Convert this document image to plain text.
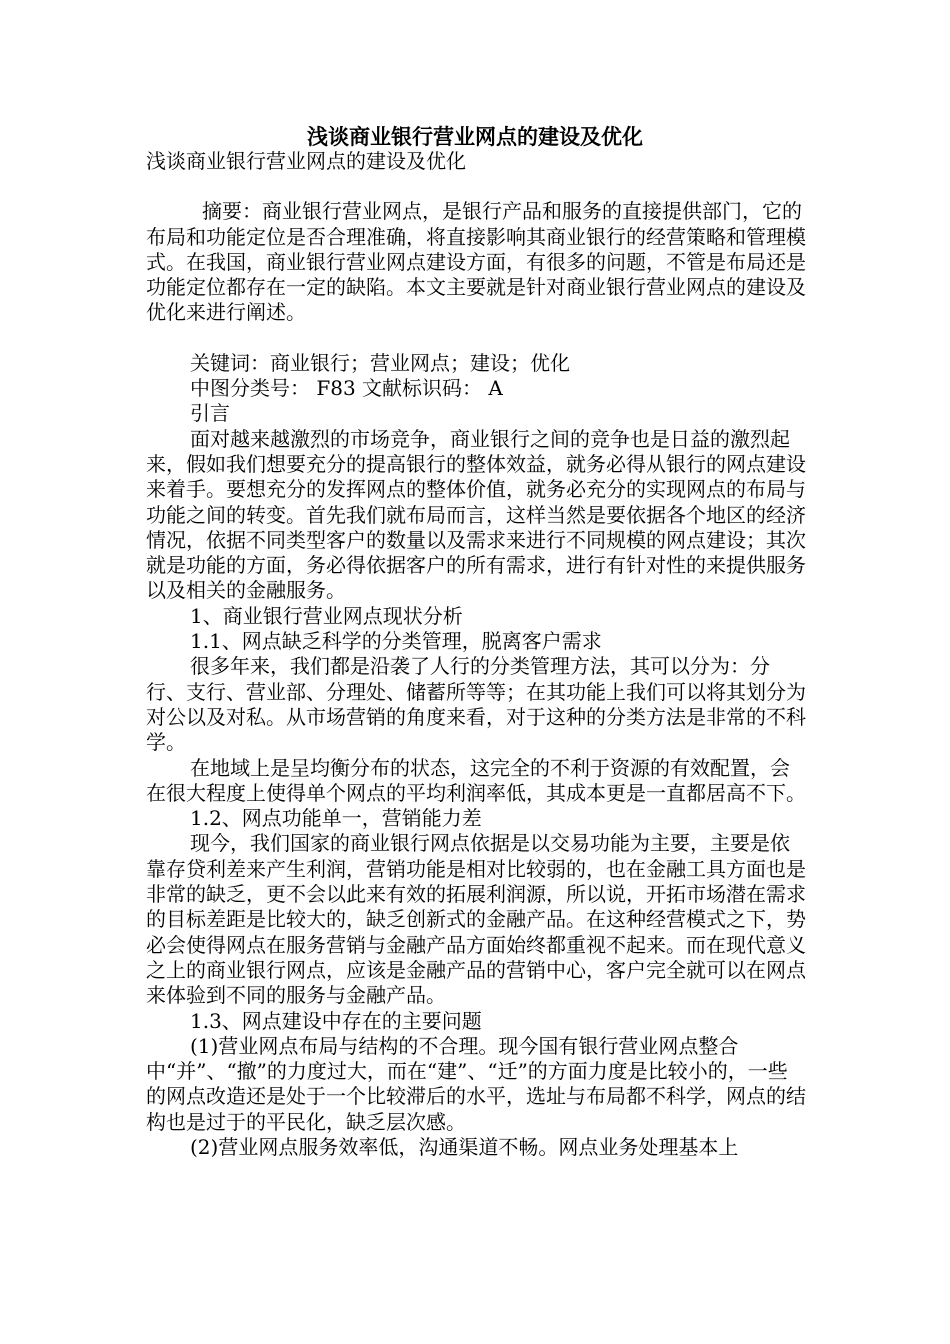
浅谈商业银行营业网点的建设及优化

浅谈商业银行营业网点的建设及优化

摘要：商业银行营业网点，是银行产品和服务的直接提供部门，它的布局和功能定位是否合理准确，将直接影响其商业银行的经营策略和管理模式。在我国，商业银行营业网点建设方面，有很多的问题，不管是布局还是功能定位都存在一定的缺陷。本文主要就是针对商业银行营业网点的建设及优化来进行阐述。

关键词：商业银行；营业网点；建设；优化

中图分类号： F83 文献标识码： A

引言

面对越来越激烈的市场竞争，商业银行之间的竞争也是日益的激烈起来，假如我们想要充分的提高银行的整体效益，就务必得从银行的网点建设来着手。要想充分的发挥网点的整体价值，就务必充分的实现网点的布局与功能之间的转变。首先我们就布局而言，这样当然是要依据各个地区的经济情况，依据不同类型客户的数量以及需求来进行不同规模的网点建设；其次就是功能的方面，务必得依据客户的所有需求，进行有针对性的来提供服务以及相关的金融服务。

1、商业银行营业网点现状分析

1.1、网点缺乏科学的分类管理，脱离客户需求

很多年来，我们都是沿袭了人行的分类管理方法，其可以分为：分行、支行、营业部、分理处、储蓄所等等；在其功能上我们可以将其划分为对公以及对私。从市场营销的角度来看，对于这种的分类方法是非常的不科学。

在地域上是呈均衡分布的状态，这完全的不利于资源的有效配置，会在很大程度上使得单个网点的平均利润率低，其成本更是一直都居高不下。

1.2、网点功能单一，营销能力差

现今，我们国家的商业银行网点依据是以交易功能为主要，主要是依靠存贷利差来产生利润，营销功能是相对比较弱的，也在金融工具方面也是非常的缺乏，更不会以此来有效的拓展利润源，所以说，开拓市场潜在需求的目标差距是比较大的，缺乏创新式的金融产品。在这种经营模式之下，势必会使得网点在服务营销与金融产品方面始终都重视不起来。而在现代意义之上的商业银行网点，应该是金融产品的营销中心，客户完全就可以在网点来体验到不同的服务与金融产品。

1.3、网点建设中存在的主要问题

(1)营业网点布局与结构的不合理。现今国有银行营业网点整合中“并”、“撤”的力度过大，而在“建”、“迁”的方面力度是比较小的，一些的网点改造还是处于一个比较滞后的水平，选址与布局都不科学，网点的结构也是过于的平民化，缺乏层次感。

(2)营业网点服务效率低，沟通渠道不畅。网点业务处理基本上
